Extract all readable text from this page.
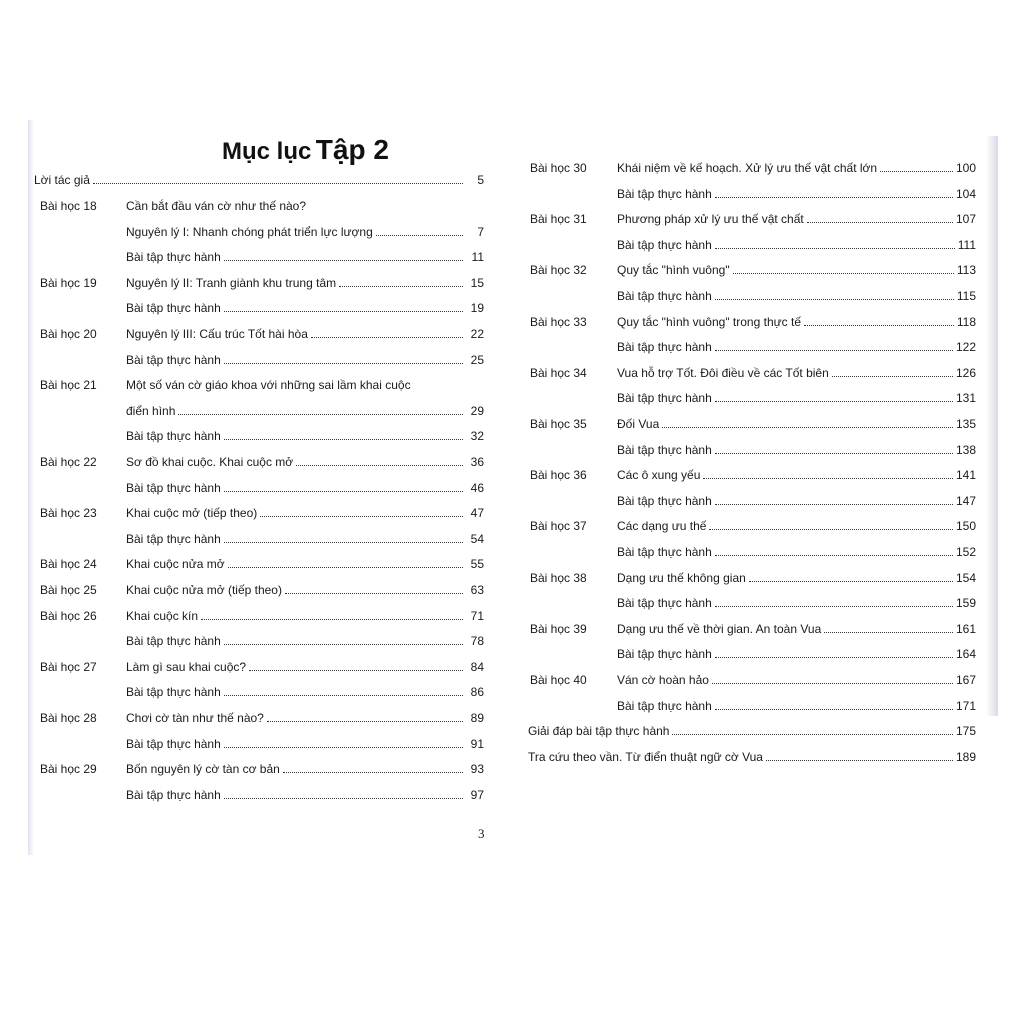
Mục lục Tập 2
Lời tác giả	5
Bài học 18 Cần bắt đầu ván cờ như thế nào?
Nguyên lý I: Nhanh chóng phát triển lực lượng	7
Bài tập thực hành	11
Bài học 19 Nguyên lý II: Tranh giành khu trung tâm	15
Bài tập thực hành	19
Bài học 20 Nguyên lý III: Cấu trúc Tốt hài hòa	22
Bài tập thực hành	25
Bài học 21 Một số ván cờ giáo khoa với những sai lầm khai cuộc
điển hình	29
Bài tập thực hành	32
Bài học 22 Sơ đồ khai cuộc. Khai cuộc mở	36
Bài tập thực hành	46
Bài học 23 Khai cuộc mở (tiếp theo)	47
Bài tập thực hành	54
Bài học 24 Khai cuộc nửa mở	55
Bài học 25 Khai cuộc nửa mở (tiếp theo)	63
Bài học 26 Khai cuộc kín	71
Bài tập thực hành	78
Bài học 27 Làm gì sau khai cuộc?	84
Bài tập thực hành	86
Bài học 28 Chơi cờ tàn như thế nào?	89
Bài tập thực hành	91
Bài học 29 Bốn nguyên lý cờ tàn cơ bản	93
Bài tập thực hành	97
Bài học 30	Khái niệm về kế hoạch. Xử lý ưu thế vật chất lớn	100
Bài tập thực hành	104
Bài học 31	Phương pháp xử lý ưu thế vật chất	107
Bài tập thực hành	111
Bài học 32	Quy tắc "hình vuông"	113
Bài tập thực hành	115
Bài học 33	Quy tắc "hình vuông" trong thực tế	118
Bài tập thực hành	122
Bài học 34	Vua hỗ trợ Tốt. Đôi điều về các Tốt biên	126
Bài tập thực hành	131
Bài học 35	Đối Vua	135
Bài tập thực hành	138
Bài học 36	Các ô xung yếu	141
Bài tập thực hành	147
Bài học 37	Các dạng ưu thế	150
Bài tập thực hành	152
Bài học 38	Dạng ưu thế không gian	154
Bài tập thực hành	159
Bài học 39	Dạng ưu thế về thời gian. An toàn Vua	161
Bài tập thực hành	164
Bài học 40	Ván cờ hoàn hảo	167
Bài tập thực hành	171
Giải đáp bài tập thực hành	175
Tra cứu theo vần. Từ điển thuật ngữ cờ Vua	189
3
